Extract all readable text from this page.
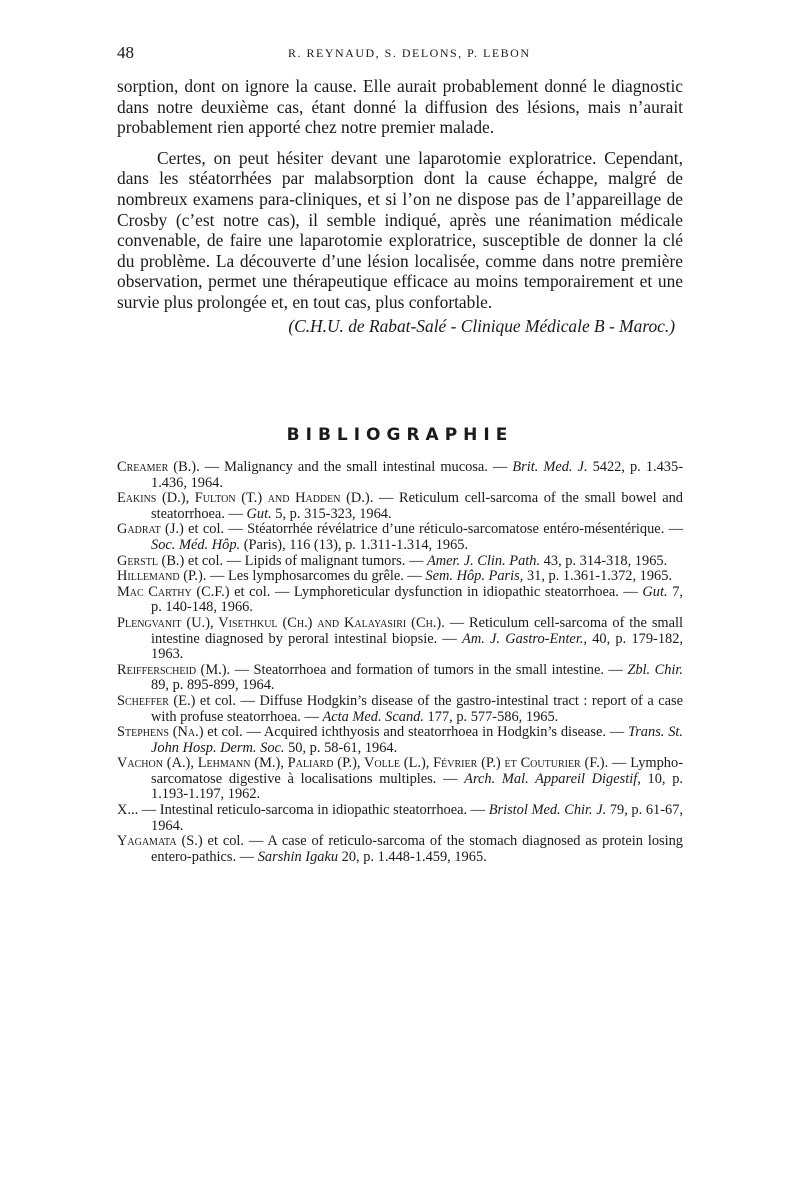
48	R. REYNAUD, S. DELONS, P. LEBON

sorption, dont on ignore la cause. Elle aurait probablement donné le diagnostic dans notre deuxième cas, étant donné la diffusion des lésions, mais n’aurait probablement rien apporté chez notre premier malade.

Certes, on peut hésiter devant une laparotomie exploratrice. Cependant, dans les stéatorrhées par malabsorption dont la cause échappe, malgré de nombreux examens para-cliniques, et si l’on ne dispose pas de l’appareillage de Crosby (c’est notre cas), il semble indiqué, après une réanimation médicale convenable, de faire une laparotomie exploratrice, susceptible de donner la clé du problème. La découverte d’une lésion localisée, comme dans notre première observation, permet une thérapeutique efficace au moins temporairement et une survie plus prolongée et, en tout cas, plus confortable.

(C.H.U. de Rabat-Salé - Clinique Médicale B - Maroc.)
BIBLIOGRAPHIE

Creamer (B.). — Malignancy and the small intestinal mucosa. — Brit. Med. J. 5422, p. 1.435-1.436, 1964.

Eakins (D.), Fulton (T.) and Hadden (D.). — Reticulum cell-sarcoma of the small bowel and steatorrhoea. — Gut. 5, p. 315-323, 1964.

Gadrat (J.) et col. — Stéatorrhée révélatrice d’une réticulo-sarcomatose entéro-mésentérique. — Soc. Méd. Hôp. (Paris), 116 (13), p. 1.311-1.314, 1965.

Gerstl (B.) et col. — Lipids of malignant tumors. — Amer. J. Clin. Path. 43, p. 314-318, 1965.

Hillemand (P.). — Les lymphosarcomes du grêle. — Sem. Hôp. Paris, 31, p. 1.361-1.372, 1965.

Mac Carthy (C.F.) et col. — Lymphoreticular dysfunction in idiopathic steatorrhoea. — Gut. 7, p. 140-148, 1966.

Plengvanit (U.), Visethkul (Ch.) and Kalayasiri (Ch.). — Reticulum cell-sarcoma of the small intestine diagnosed by peroral intestinal biopsie. — Am. J. Gastro-Enter., 40, p. 179-182, 1963.

Reifferscheid (M.). — Steatorrhoea and formation of tumors in the small intestine. — Zbl. Chir. 89, p. 895-899, 1964.

Scheffer (E.) et col. — Diffuse Hodgkin’s disease of the gastro-intestinal tract : report of a case with profuse steatorrhoea. — Acta Med. Scand. 177, p. 577-586, 1965.

Stephens (Na.) et col. — Acquired ichthyosis and steatorrhoea in Hodgkin’s disease. — Trans. St. John Hosp. Derm. Soc. 50, p. 58-61, 1964.

Vachon (A.), Lehmann (M.), Paliard (P.), Volle (L.), Février (P.) et Couturier (F.). — Lympho-sarcomatose digestive à localisations multiples. — Arch. Mal. Appareil Digestif, 10, p. 1.193-1.197, 1962.

X... — Intestinal reticulo-sarcoma in idiopathic steatorrhoea. — Bristol Med. Chir. J. 79, p. 61-67, 1964.

Yagamata (S.) et col. — A case of reticulo-sarcoma of the stomach diagnosed as protein losing entero-pathics. — Sarshin Igaku 20, p. 1.448-1.459, 1965.
